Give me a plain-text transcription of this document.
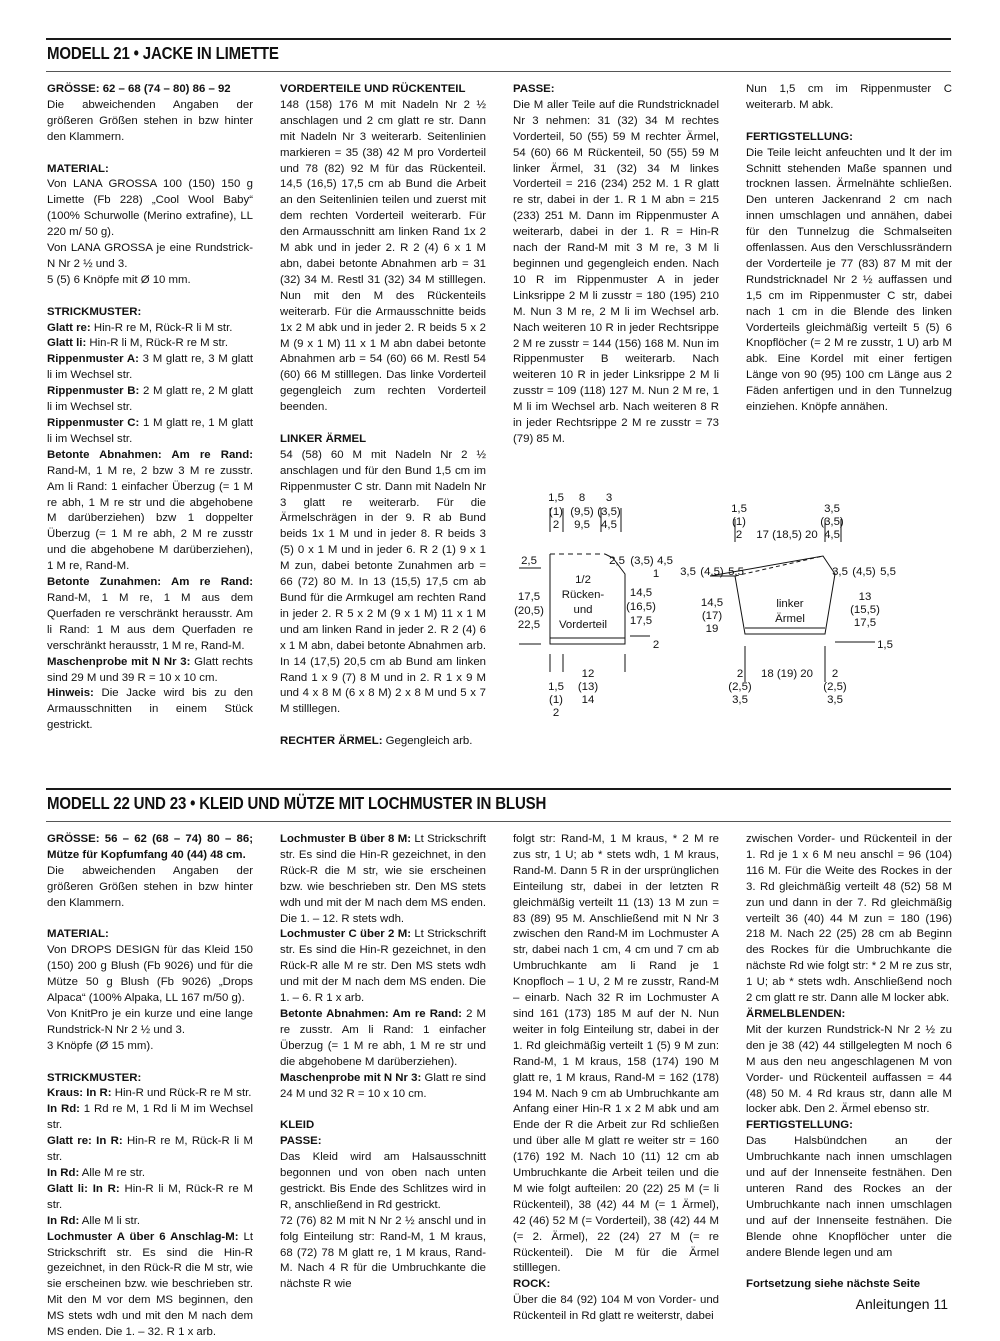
MODELL 21 • JACKE IN LIMETTE

GRÖSSE: 62 – 68 (74 – 80) 86 – 92

Die abweichenden Angaben der größeren Größen stehen in bzw hinter den Klammern.

MATERIAL:

Von LANA GROSSA 100 (150) 150 g Limette (Fb 228) „Cool Wool Baby“ (100% Schurwolle (Merino extrafine), LL 220 m/ 50 g).

Von LANA GROSSA je eine Rundstrick-N Nr 2 ½ und 3.

5 (5) 6 Knöpfe mit Ø 10 mm.

STRICKMUSTER:

Glatt re: Hin-R re M, Rück-R li M str.

Glatt li: Hin-R li M, Rück-R re M str.

Rippenmuster A: 3 M glatt re, 3 M glatt li im Wechsel str.

Rippenmuster B: 2 M glatt re, 2 M glatt li im Wechsel str.

Rippenmuster C: 1 M glatt re, 1 M glatt li im Wechsel str.

Betonte Abnahmen: Am re Rand: Rand-M, 1 M re, 2 bzw 3 M re zusstr. Am li Rand: 1 einfacher Überzug (= 1 M re abh, 1 M re str und die abgehobene M darüberziehen) bzw 1 doppelter Überzug (= 1 M re abh, 2 M re zusstr und die abgehobene M darüberziehen), 1 M re, Rand-M.

Betonte Zunahmen: Am re Rand: Rand-M, 1 M re, 1 M aus dem Querfaden re verschränkt herausstr. Am li Rand: 1 M aus dem Querfaden re verschränkt herausstr, 1 M re, Rand-M.

Maschenprobe mit N Nr 3: Glatt rechts sind 29 M und 39 R = 10 x 10 cm.

Hinweis: Die Jacke wird bis zu den Armausschnitten in einem Stück gestrickt.

VORDERTEILE UND RÜCKENTEIL

148 (158) 176 M mit Nadeln Nr 2 ½ anschlagen und 2 cm glatt re str. Dann mit Nadeln Nr 3 weiterarb. Seitenlinien markieren = 35 (38) 42 M pro Vorderteil und 78 (82) 92 M für das Rückenteil. 14,5 (16,5) 17,5 cm ab Bund die Arbeit an den Seitenlinien teilen und zuerst mit dem rechten Vorderteil weiterarb. Für den Armausschnitt am linken Rand 1x 2 M abk und in jeder 2. R 2 (4) 6 x 1 M abn, dabei betonte Abnahmen arb = 31 (32) 34 M. Restl 31 (32) 34 M stilllegen. Nun mit den M des Rückenteils weiterarb. Für die Armausschnitte beids 1x 2 M abk und in jeder 2. R beids 5 x 2 M (9 x 1 M) 11 x 1 M abn dabei betonte Abnahmen arb = 54 (60) 66 M. Restl 54 (60) 66 M stilllegen. Das linke Vorderteil gegengleich zum rechten Vorderteil beenden.

LINKER ÄRMEL

54 (58) 60 M mit Nadeln Nr 2 ½ anschlagen und für den Bund 1,5 cm im Rippenmuster C str. Dann mit Nadeln Nr 3 glatt re weiterarb. Für die Ärmelschrägen in der 9. R ab Bund beids 1x 1 M und in jeder 8. R beids 3 (5) 0 x 1 M und in jeder 6. R 2 (1) 9 x 1 M zun, dabei betonte Zunahmen arb = 66 (72) 80 M. In 13 (15,5) 17,5 cm ab Bund für die Armkugel am rechten Rand in jeder 2. R 5 x 2 M (9 x 1 M) 11 x 1 M und am linken Rand in jeder 2. R 2 (4) 6 x 1 M abn, dabei betonte Abnahmen arb. In 14 (17,5) 20,5 cm ab Bund am linken Rand 1 x 9 (7) 8 M und in 2. R 1 x 9 M und 4 x 8 M (6 x 8 M) 2 x 8 M und 5 x 7 M stilllegen.

RECHTER ÄRMEL: Gegengleich arb.

PASSE:

Die M aller Teile auf die Rundstricknadel Nr 3 nehmen: 31 (32) 34 M rechtes Vorderteil, 50 (55) 59 M rechter Ärmel, 54 (60) 66 M Rückenteil, 50 (55) 59 M linker Ärmel, 31 (32) 34 M linkes Vorderteil = 216 (234) 252 M. 1 R glatt re str, dabei in der 1. R 1 M abn = 215 (233) 251 M. Dann im Rippenmuster A weiterarb, dabei in der 1. R = Hin-R nach der Rand-M mit 3 M re, 3 M li beginnen und gegengleich enden. Nach 10 R im Rippenmuster A in jeder Linksrippe 2 M li zusstr = 180 (195) 210 M. Nun 3 M re, 2 M li im Wechsel arb. Nach weiteren 10 R in jeder Rechtsrippe 2 M re zusstr = 144 (156) 168 M. Nun im Rippenmuster B weiterarb. Nach weiteren 10 R in jeder Linksrippe 2 M li zusstr = 109 (118) 127 M. Nun 2 M re, 1 M li im Wechsel arb. Nach weiteren 8 R in jeder Rechtsrippe 2 M re zusstr = 73 (79) 85 M.

Nun 1,5 cm im Rippenmuster C weiterarb. M abk.

FERTIGSTELLUNG:

Die Teile leicht anfeuchten und lt der im Schnitt stehenden Maße spannen und trocknen lassen. Ärmelnähte schließen. Den unteren Jackenrand 2 cm nach innen umschlagen und annähen, dabei für den Tunnelzug die Schmalseiten offenlassen. Aus den Verschlussrändern der Vorderteile je 77 (83) 87 M mit der Rundstricknadel Nr 2 ½ auffassen und 1,5 cm im Rippenmuster C str, dabei nach 1 cm in die Blende des linken Vorderteils gleichmäßig verteilt 5 (5) 6 Knopflöcher (= 2 M re zusstr, 1 U) arb M abk. Eine Kordel mit einer fertigen Länge von 90 (95) 100 cm Länge aus 2 Fäden anfertigen und in den Tunnelzug einziehen. Knöpfe annähen.

1/2
Rücken-
und
Vorderteil
1,5 8 3
(1) (9,5) (3,5)
2 9,5 4,5
2,5	2,5 (3,5) 4,5
1
17,5
(20,5)
22,5
14,5
(16,5)
17,5
2
12
(13)
14
1,5
(1)
2
linker
Ärmel
1,5	3,5
(1)	(3,5)
2 17 (18,5) 20 4,5
3,5 (4,5) 5,5	3,5 (4,5) 5,5
14,5
(17)
19
13
(15,5)
17,5
1,5
18 (19) 20
2
(2,5)
3,5
2
(2,5)
3,5
MODELL 22 UND 23 • KLEID UND MÜTZE MIT LOCHMUSTER IN BLUSH

GRÖSSE: 56 – 62 (68 – 74) 80 – 86; Mütze für Kopfumfang 40 (44) 48 cm.

Die abweichenden Angaben der größeren Größen stehen in bzw hinter den Klammern.

MATERIAL:

Von DROPS DESIGN für das Kleid 150 (150) 200 g Blush (Fb 9026) und für die Mütze 50 g Blush (Fb 9026) „Drops Alpaca“ (100% Alpaka, LL 167 m/50 g).

Von KnitPro je ein kurze und eine lange Rundstrick-N Nr 2 ½ und 3.

3 Knöpfe (Ø 15 mm).

STRICKMUSTER:

Kraus: In R: Hin-R und Rück-R re M str.

In Rd: 1 Rd re M, 1 Rd li M im Wechsel str.

Glatt re: In R: Hin-R re M, Rück-R li M str.

In Rd: Alle M re str.

Glatt li: In R: Hin-R li M, Rück-R re M str.

In Rd: Alle M li str.

Lochmuster A über 6 Anschlag-M: Lt Strickschrift str. Es sind die Hin-R gezeichnet, in den Rück-R die M str, wie sie erscheinen bzw. wie beschrieben str. Mit den M vor dem MS beginnen, den MS stets wdh und mit den M nach dem MS enden. Die 1. – 32. R 1 x arb.

Lochmuster B über 8 M: Lt Strickschrift str. Es sind die Hin-R gezeichnet, in den Rück-R die M str, wie sie erscheinen bzw. wie beschrieben str. Den MS stets wdh und mit der M nach dem MS enden. Die 1. – 12. R stets wdh.

Lochmuster C über 2 M: Lt Strickschrift str. Es sind die Hin-R gezeichnet, in den Rück-R alle M re str. Den MS stets wdh und mit der M nach dem MS enden. Die 1. – 6. R 1 x arb.

Betonte Abnahmen: Am re Rand: 2 M re zusstr. Am li Rand: 1 einfacher Überzug (= 1 M re abh, 1 M re str und die abgehobene M darüberziehen).

Maschenprobe mit N Nr 3: Glatt re sind 24 M und 32 R = 10 x 10 cm.

KLEID

PASSE:

Das Kleid wird am Halsausschnitt begonnen und von oben nach unten gestrickt. Bis Ende des Schlitzes wird in R, anschließend in Rd gestrickt.

72 (76) 82 M mit N Nr 2 ½ anschl und in folg Einteilung str: Rand-M, 1 M kraus, 68 (72) 78 M glatt re, 1 M kraus, Rand-M. Nach 4 R für die Umbruchkante die nächste R wie

folgt str: Rand-M, 1 M kraus, * 2 M re zus str, 1 U; ab * stets wdh, 1 M kraus, Rand-M. Dann 5 R in der ursprünglichen Einteilung str, dabei in der letzten R gleichmäßig verteilt 11 (13) 13 M zun = 83 (89) 95 M. Anschließend mit N Nr 3 zwischen den Rand-M im Lochmuster A str, dabei nach 1 cm, 4 cm und 7 cm ab Umbruchkante am li Rand je 1 Knopfloch – 1 U, 2 M re zusstr, Rand-M – einarb. Nach 32 R im Lochmuster A sind 161 (173) 185 M auf der N. Nun weiter in folg Einteilung str, dabei in der 1. Rd gleichmäßig verteilt 1 (5) 9 M zun: Rand-M, 1 M kraus, 158 (174) 190 M glatt re, 1 M kraus, Rand-M = 162 (178) 194 M. Nach 9 cm ab Umbruchkante am Anfang einer Hin-R 1 x 2 M abk und am Ende der R die Arbeit zur Rd schließen und über alle M glatt re weiter str = 160 (176) 192 M. Nach 10 (11) 12 cm ab Umbruchkante die Arbeit teilen und die M wie folgt aufteilen: 20 (22) 25 M (= li Rückenteil), 38 (42) 44 M (= 1 Ärmel), 42 (46) 52 M (= Vorderteil), 38 (42) 44 M (= 2. Ärmel), 22 (24) 27 M (= re Rückenteil). Die M für die Ärmel stilllegen.

ROCK:

Über die 84 (92) 104 M von Vorder- und Rückenteil in Rd glatt re weiterstr, dabei

zwischen Vorder- und Rückenteil in der 1. Rd je 1 x 6 M neu anschl = 96 (104) 116 M. Für die Weite des Rockes in der 3. Rd gleichmäßig verteilt 48 (52) 58 M zun und dann in der 7. Rd gleichmäßig verteilt 36 (40) 44 M zun = 180 (196) 218 M. Nach 22 (25) 28 cm ab Beginn des Rockes für die Umbruchkante die nächste Rd wie folgt str: * 2 M re zus str, 1 U; ab * stets wdh. Anschließend noch 2 cm glatt re str. Dann alle M locker abk.

ÄRMELBLENDEN:

Mit der kurzen Rundstrick-N Nr 2 ½ zu den je 38 (42) 44 stillgelegten M noch 6 M aus den neu angeschlagenen M von Vorder- und Rückenteil auffassen = 44 (48) 50 M. 4 Rd kraus str, dann alle M locker abk. Den 2. Ärmel ebenso str.

FERTIGSTELLUNG:

Das Halsbündchen an der Umbruchkante nach innen umschlagen und auf der Innenseite festnähen. Den unteren Rand des Rockes an der Umbruchkante nach innen umschlagen und auf der Innenseite festnähen. Die Blende ohne Knopflöcher unter die andere Blende legen und am

Fortsetzung siehe nächste Seite

Anleitungen 11
